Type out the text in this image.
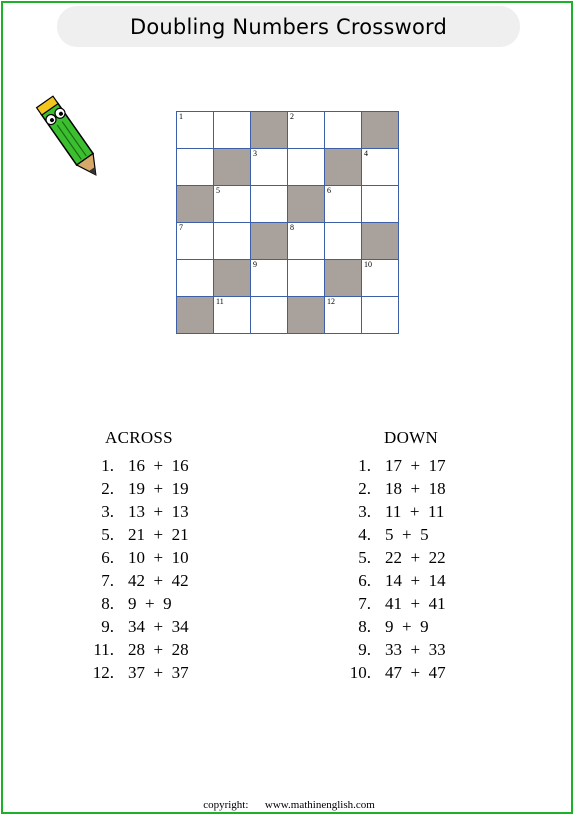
Doubling Numbers Crossword
1	2
3	4
5	6
7	8
9	10
11	12
ACROSS
1. 16  +  16
2. 19  +  19
3. 13  +  13
5. 21  +  21
6. 10  +  10
7. 42  +  42
8. 9  +  9
9. 34  +  34
11. 28  +  28
12. 37  +  37
DOWN
1. 17  +  17
2. 18  +  18
3. 11  +  11
4. 5  +  5
5. 22  +  22
6. 14  +  14
7. 41  +  41
8. 9  +  9
9. 33  +  33
10. 47  +  47
copyright: www.mathinenglish.com
